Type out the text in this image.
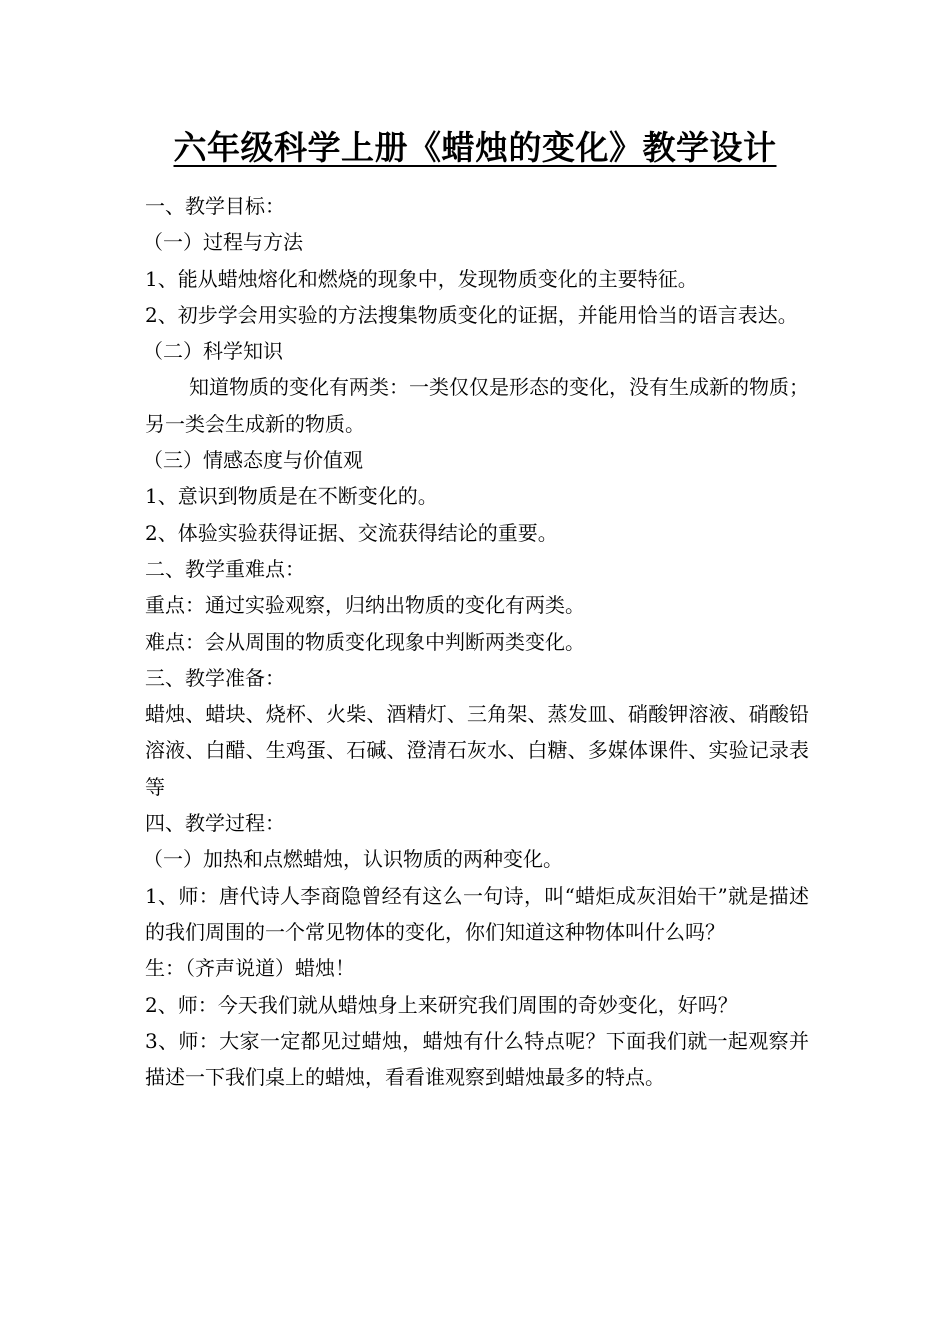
六年级科学上册《蜡烛的变化》教学设计

一、教学目标：

（一）过程与方法

1、能从蜡烛熔化和燃烧的现象中，发现物质变化的主要特征。

2、初步学会用实验的方法搜集物质变化的证据，并能用恰当的语言表达。

（二）科学知识

知道物质的变化有两类：一类仅仅是形态的变化，没有生成新的物质；另一类会生成新的物质。

（三）情感态度与价值观

1、意识到物质是在不断变化的。

2、体验实验获得证据、交流获得结论的重要。

二、教学重难点：

重点：通过实验观察，归纳出物质的变化有两类。

难点：会从周围的物质变化现象中判断两类变化。

三、教学准备：

蜡烛、蜡块、烧杯、火柴、酒精灯、三角架、蒸发皿、硝酸钾溶液、硝酸铅溶液、白醋、生鸡蛋、石碱、澄清石灰水、白糖、多媒体课件、实验记录表等

四、教学过程：

（一）加热和点燃蜡烛，认识物质的两种变化。

1、师：唐代诗人李商隐曾经有这么一句诗，叫“蜡炬成灰泪始干”就是描述的我们周围的一个常见物体的变化，你们知道这种物体叫什么吗？

生：（齐声说道）蜡烛！

2、师：今天我们就从蜡烛身上来研究我们周围的奇妙变化，好吗？

3、师：大家一定都见过蜡烛，蜡烛有什么特点呢？下面我们就一起观察并描述一下我们桌上的蜡烛，看看谁观察到蜡烛最多的特点。
